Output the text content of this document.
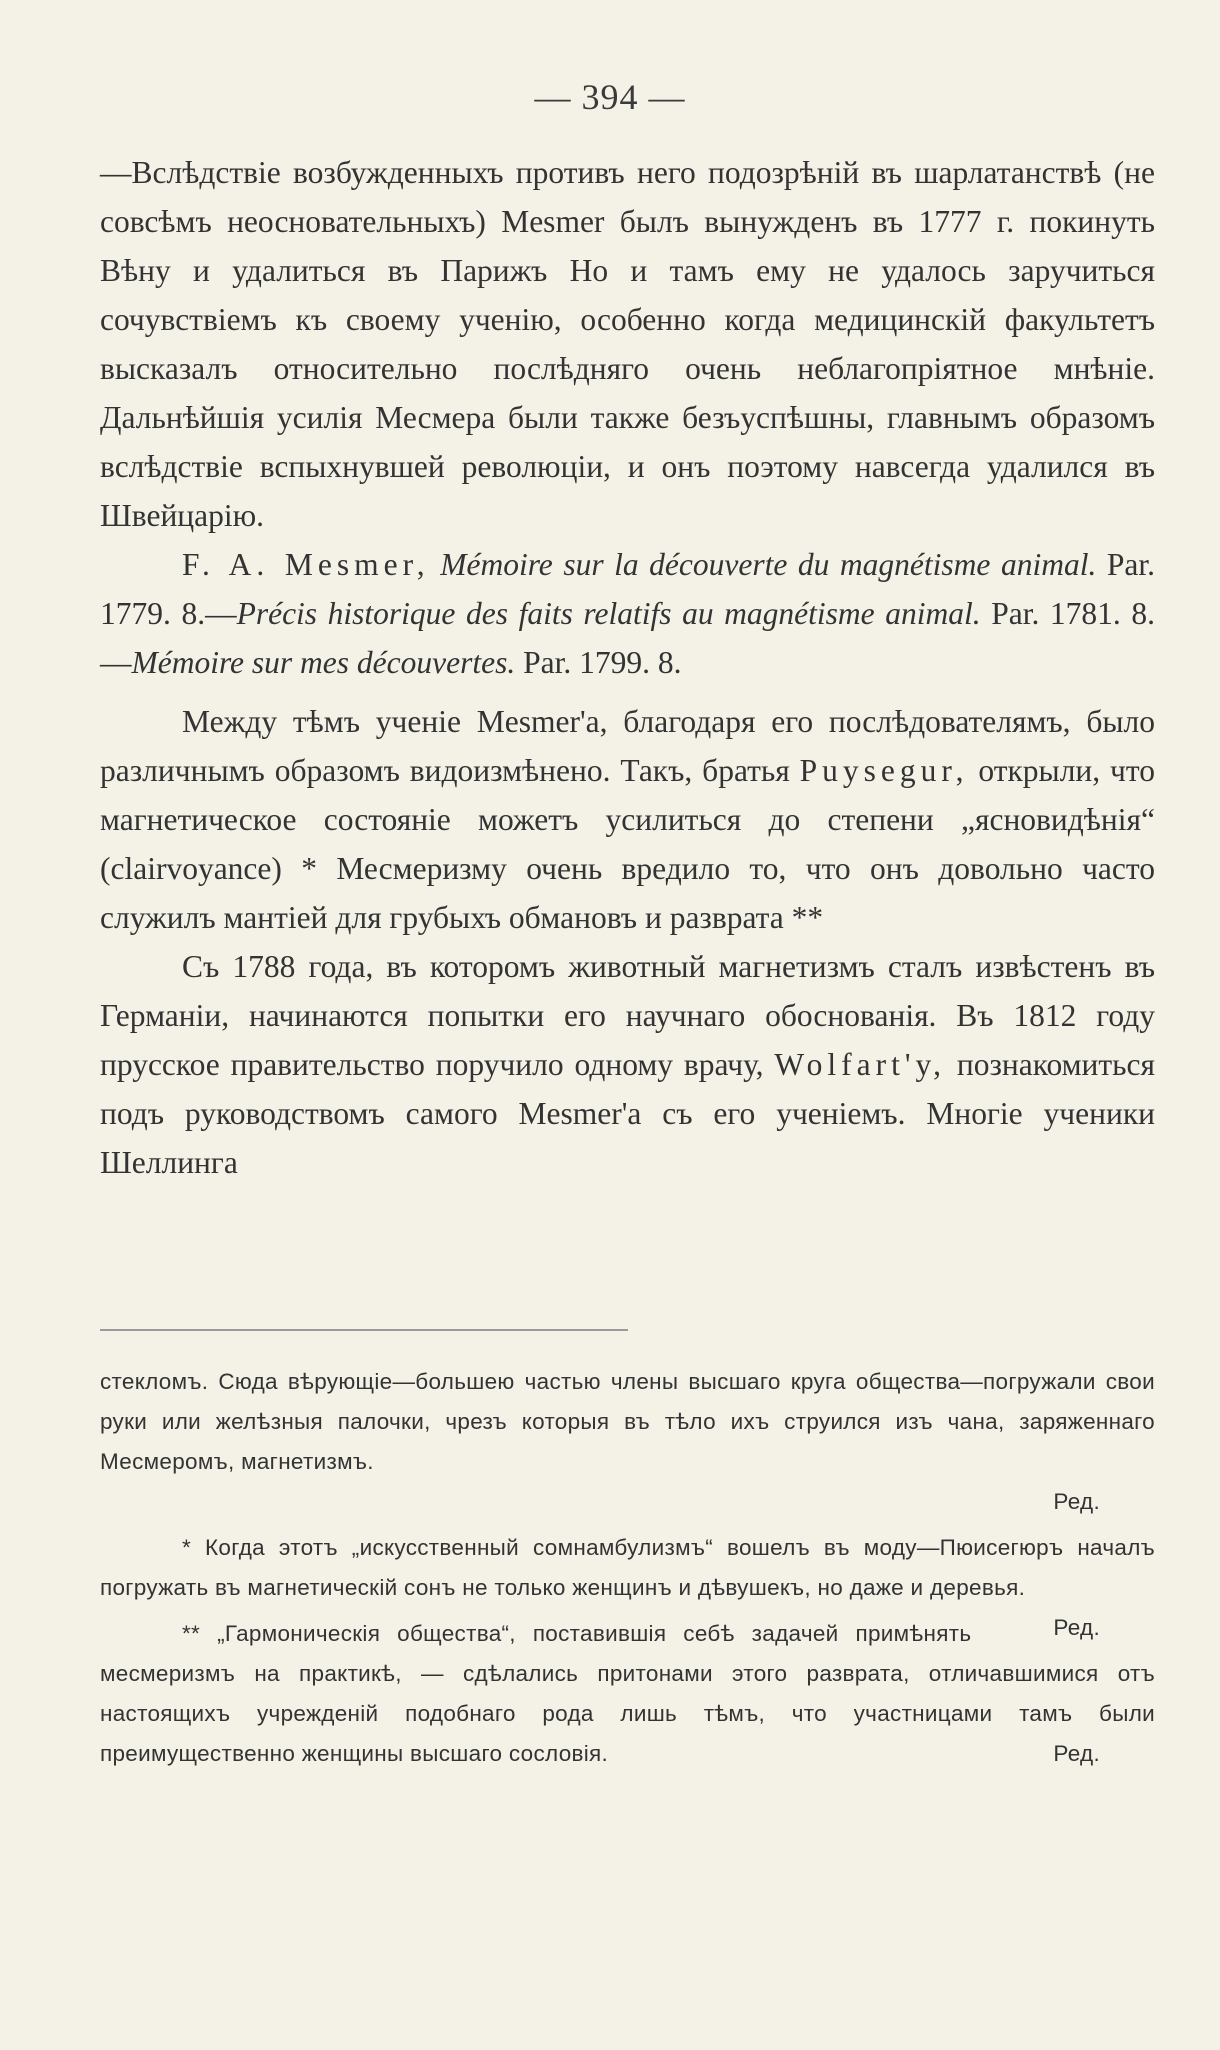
— 394 —

—Вслѣдствіе возбужденныхъ противъ него подозрѣній въ шарлатанствѣ (не совсѣмъ неосновательныхъ) Mesmer былъ вынужденъ въ 1777 г. покинуть Вѣну и удалиться въ Парижъ Но и тамъ ему не удалось заручиться сочувствіемъ къ своему ученію, особенно когда медицинскій факультетъ высказалъ относительно послѣдняго очень неблагопріятное мнѣніе. Дальнѣйшія усилія Месмера были также безъуспѣшны, главнымъ образомъ вслѣдствіе вспыхнувшей революціи, и онъ поэтому навсегда удалился въ Швейцарію.

F. A. Mesmer, Mémoire sur la découverte du magnétisme animal. Par. 1779. 8.—Précis historique des faits relatifs au magnétisme animal. Par. 1781. 8.—Mémoire sur mes découvertes. Par. 1799. 8.

Между тѣмъ ученіе Mesmer'а, благодаря его послѣдователямъ, было различнымъ образомъ видоизмѣнено. Такъ, братья Puysegur, открыли, что магнетическое состояніе можетъ усилиться до степени „ясновидѣнія“ (clairvoyance) * Месмеризму очень вредило то, что онъ довольно часто служилъ мантіей для грубыхъ обмановъ и разврата **

Съ 1788 года, въ которомъ животный магнетизмъ сталъ извѣстенъ въ Германіи, начинаются попытки его научнаго обоснованія. Въ 1812 году прусское правительство поручило одному врачу, Wolfart'у, познакомиться подъ руководствомъ самого Mesmer'а съ его ученіемъ. Многіе ученики Шеллинга

стекломъ. Сюда вѣрующіе—большею частью члены высшаго круга общества—погружали свои руки или желѣзныя палочки, чрезъ которыя въ тѣло ихъ струился изъ чана, заряженнаго Месмеромъ, магнетизмъ.

Ред.

* Когда этотъ „искусственный сомнамбулизмъ“ вошелъ въ моду—Пюисегюръ началъ погружать въ магнетическій сонъ не только женщинъ и дѣвушекъ, но даже и деревья.
Ред.

** „Гармоническія общества“, поставившія себѣ задачей примѣнять месмеризмъ на практикѣ, — сдѣлались притонами этого разврата, отличавшимися отъ настоящихъ учрежденій подобнаго рода лишь тѣмъ, что участницами тамъ были преимущественно женщины высшаго сословія.	Ред.
